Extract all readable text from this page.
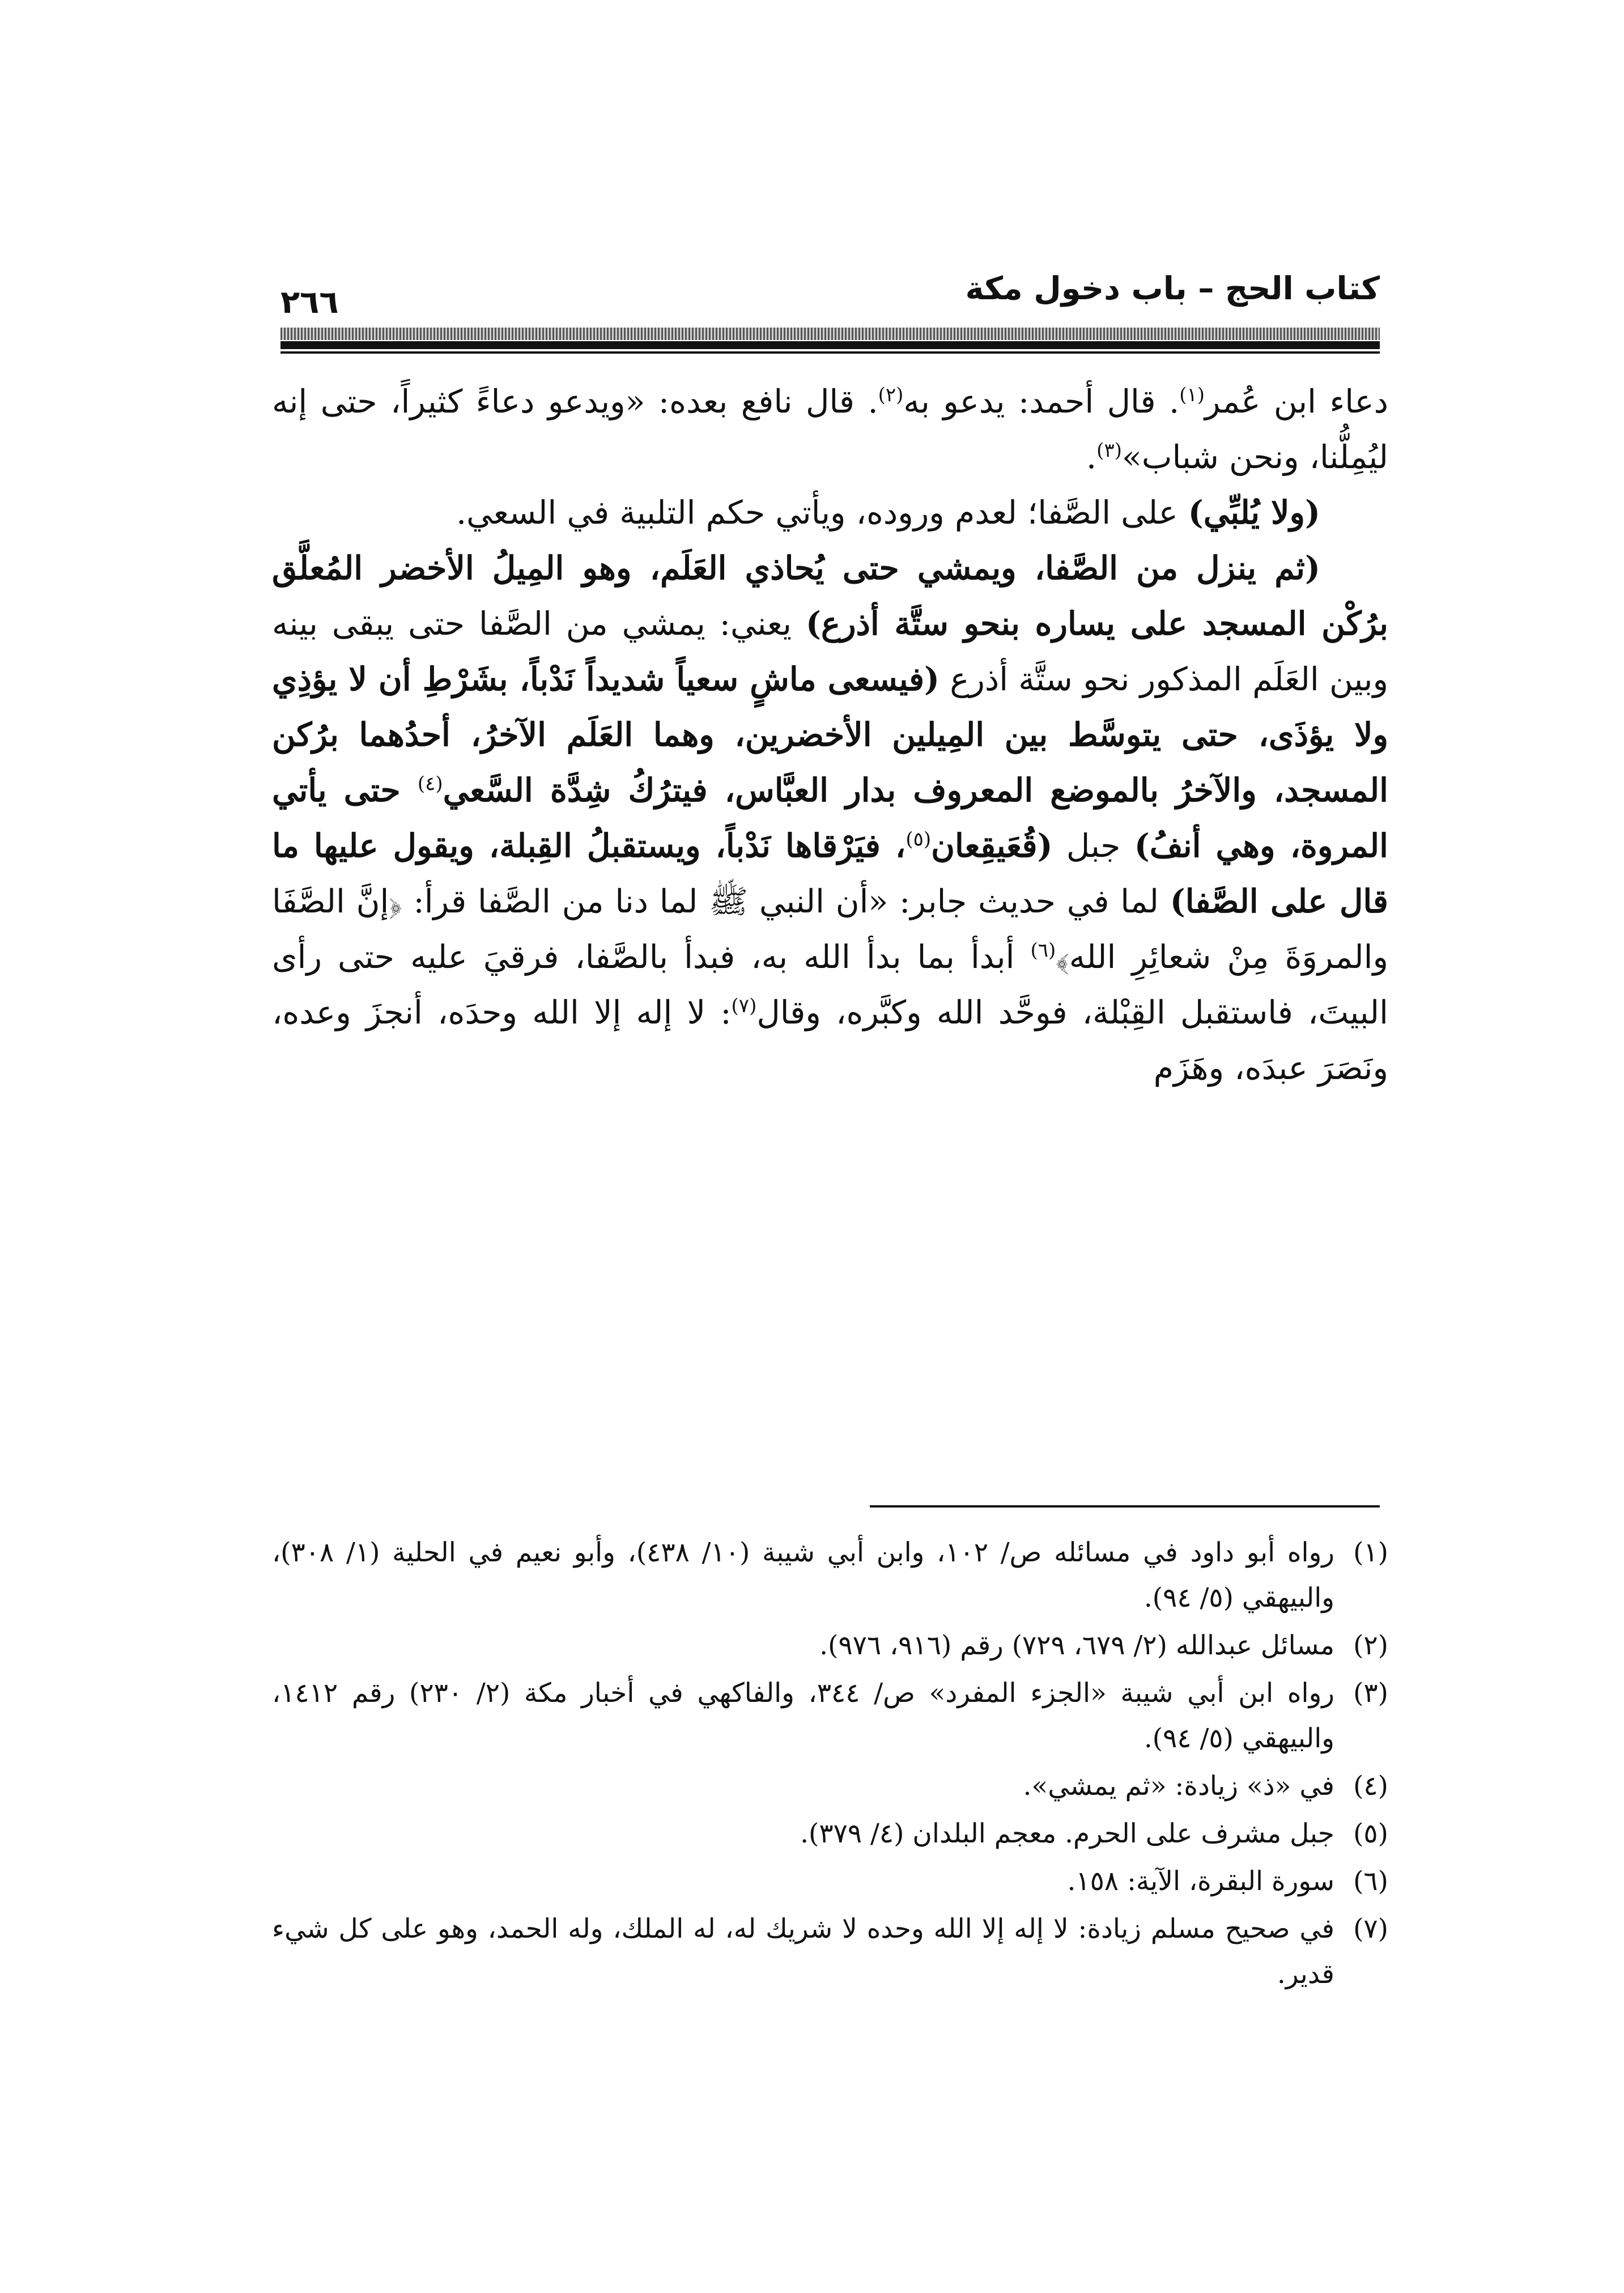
كتاب الحج – باب دخول مكة
٢٦٦

دعاء ابن عُمر$^{(١)}$. قال أحمد: يدعو به$^{(٢)}$. قال نافع بعده: «ويدعو دعاءً كثيراً، حتى إنه ليُمِلُّنا، ونحن شباب»$^{(٣)}$.

(ولا يُلبِّي) على الصَّفا؛ لعدم وروده، ويأتي حكم التلبية في السعي.

(ثم ينزل من الصَّفا، ويمشي حتى يُحاذي العَلَم، وهو المِيلُ الأخضر المُعلَّق برُكْن المسجد على يساره بنحو ستَّة أذرع) يعني: يمشي من الصَّفا حتى يبقى بينه وبين العَلَم المذكور نحو ستَّة أذرع (فيسعى ماشٍ سعياً شديداً نَدْباً، بشَرْطِ أن لا يؤذِي ولا يؤذَى، حتى يتوسَّط بين المِيلين الأخضرين، وهما العَلَم الآخرُ، أحدُهما برُكن المسجد، والآخرُ بالموضع المعروف بدار العبَّاس، فيترُكُ شِدَّة السَّعي$^{(٤)}$ حتى يأتي المروة، وهي أنفُ) جبل (قُعَيقِعان$^{(٥)}$، فيَرْقاها نَدْباً، ويستقبلُ القِبلة، ويقول عليها ما قال على الصَّفا) لما في حديث جابر: «أن النبي ﷺ لما دنا من الصَّفا قرأ: ﴿إنَّ الصَّفَا والمروَةَ مِنْ شعائِرِ الله﴾$^{(٦)}$ أبدأ بما بدأ الله به، فبدأ بالصَّفا، فرقيَ عليه حتى رأى البيتَ، فاستقبل القِبْلة، فوحَّد الله وكبَّره، وقال$^{(٧)}$: لا إله إلا الله وحدَه، أنجزَ وعده، ونَصَرَ عبدَه، وهَزَم

(١)
رواه أبو داود في مسائله ص/ ١٠٢، وابن أبي شيبة (١٠/ ٤٣٨)، وأبو نعيم في الحلية (١/ ٣٠٨)، والبيهقي (٥/ ٩٤).
(٢)
مسائل عبدالله (٢/ ٦٧٩، ٧٢٩) رقم (٩١٦، ٩٧٦).
(٣)
رواه ابن أبي شيبة «الجزء المفرد» ص/ ٣٤٤، والفاكهي في أخبار مكة (٢/ ٢٣٠) رقم ١٤١٢، والبيهقي (٥/ ٩٤).
(٤)
في «ذ» زيادة: «ثم يمشي».
(٥)
جبل مشرف على الحرم. معجم البلدان (٤/ ٣٧٩).
(٦)
سورة البقرة، الآية: ١٥٨.
(٧)
في صحيح مسلم زيادة: لا إله إلا الله وحده لا شريك له، له الملك، وله الحمد، وهو على كل شيء قدير.
